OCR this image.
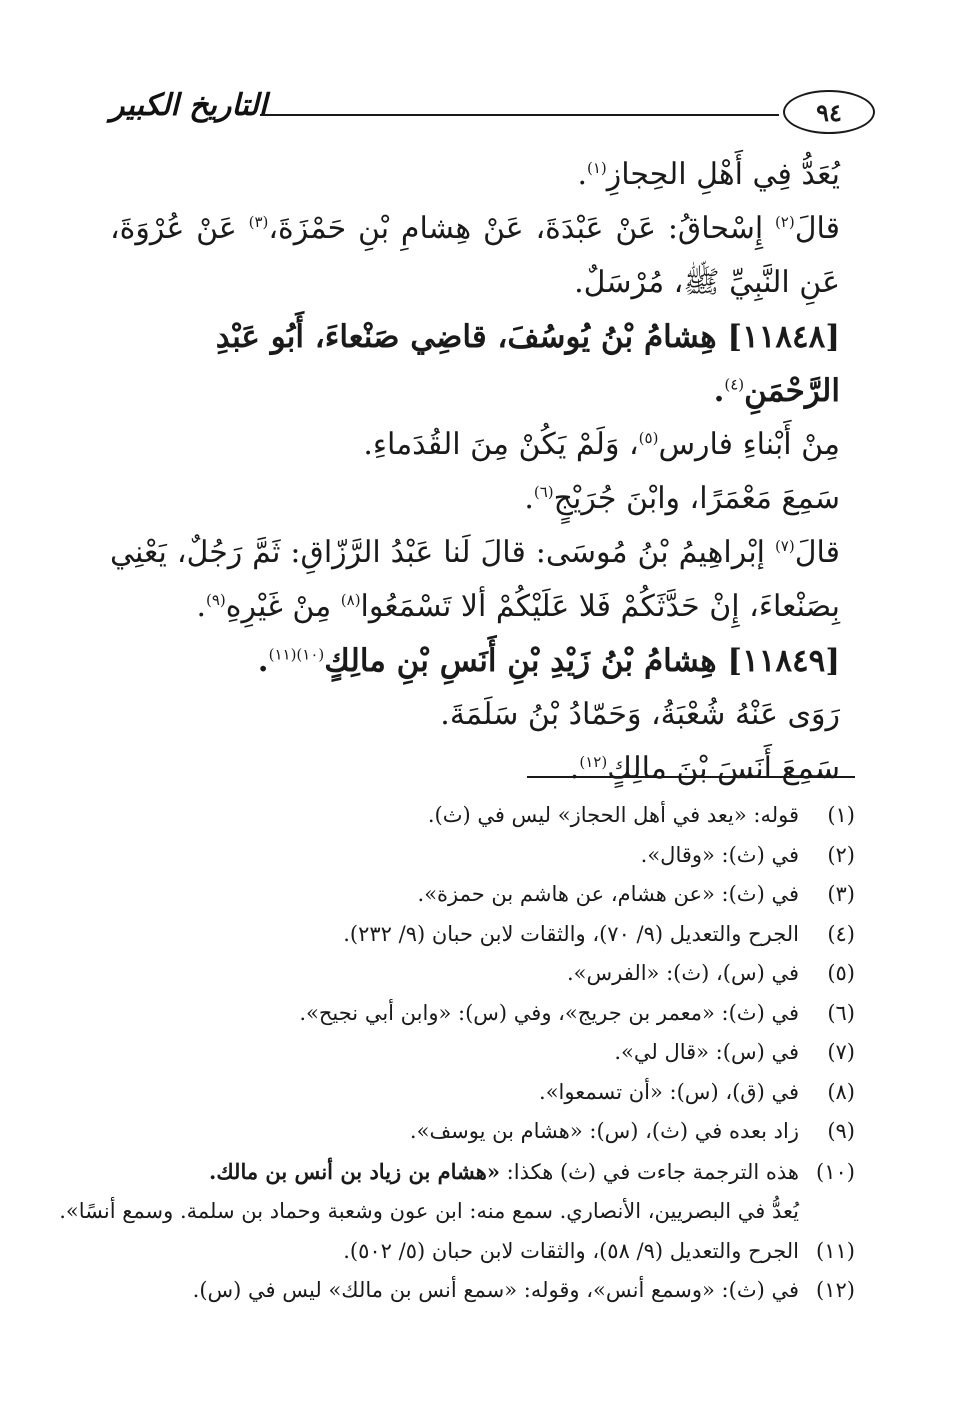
التاريخ الكبير	٩٤

يُعَدُّ فِي أَهْلِ الحِجازِ$^{(١)}$.

قالَ$^{(٢)}$ إِسْحاقُ: عَنْ عَبْدَةَ، عَنْ هِشامِ بْنِ حَمْزَةَ،$^{(٣)}$ عَنْ عُرْوَةَ، عَنِ النَّبِيِّ ﷺ، مُرْسَلٌ.

[١١٨٤٨] هِشامُ بْنُ يُوسُفَ، قاضِي صَنْعاءَ، أَبُو عَبْدِ الرَّحْمَنِ$^{(٤)}$.

مِنْ أَبْناءِ فارس$^{(٥)}$، وَلَمْ يَكُنْ مِنَ القُدَماءِ.

سَمِعَ مَعْمَرًا، وابْنَ جُرَيْجٍ$^{(٦)}$.

قالَ$^{(٧)}$ إبْراهِيمُ بْنُ مُوسَى: قالَ لَنا عَبْدُ الرَّزّاقِ: ثَمَّ رَجُلٌ، يَعْنِي بِصَنْعاءَ، إِنْ حَدَّثَكُمْ فَلا عَلَيْكُمْ ألا تَسْمَعُوا$^{(٨)}$ مِنْ غَيْرِهِ$^{(٩)}$.

[١١٨٤٩] هِشامُ بْنُ زَيْدِ بْنِ أَنَسِ بْنِ مالِكٍ$^{(١٠)(١١)}$.

رَوَى عَنْهُ شُعْبَةُ، وَحَمّادُ بْنُ سَلَمَةَ.

سَمِعَ أَنَسَ بْنَ مالِكٍ$^{(١٢)}$.

(١)قوله: «يعد في أهل الحجاز» ليس في (ث).
(٢)في (ث): «وقال».
(٣)في (ث): «عن هشام، عن هاشم بن حمزة».
(٤)الجرح والتعديل (٩/ ٧٠)، والثقات لابن حبان (٩/ ٢٣٢).
(٥)في (س)، (ث): «الفرس».
(٦)في (ث): «معمر بن جريج»، وفي (س): «وابن أبي نجيح».
(٧)في (س): «قال لي».
(٨)في (ق)، (س): «أن تسمعوا».
(٩)زاد بعده في (ث)، (س): «هشام بن يوسف».
(١٠)هذه الترجمة جاءت في (ث) هكذا: «هشام بن زياد بن أنس بن مالك.
يُعدُّ في البصريين، الأنصاري. سمع منه: ابن عون وشعبة وحماد بن سلمة. وسمع أنسًا».
(١١)الجرح والتعديل (٩/ ٥٨)، والثقات لابن حبان (٥/ ٥٠٢).
(١٢)في (ث): «وسمع أنس»، وقوله: «سمع أنس بن مالك» ليس في (س).
